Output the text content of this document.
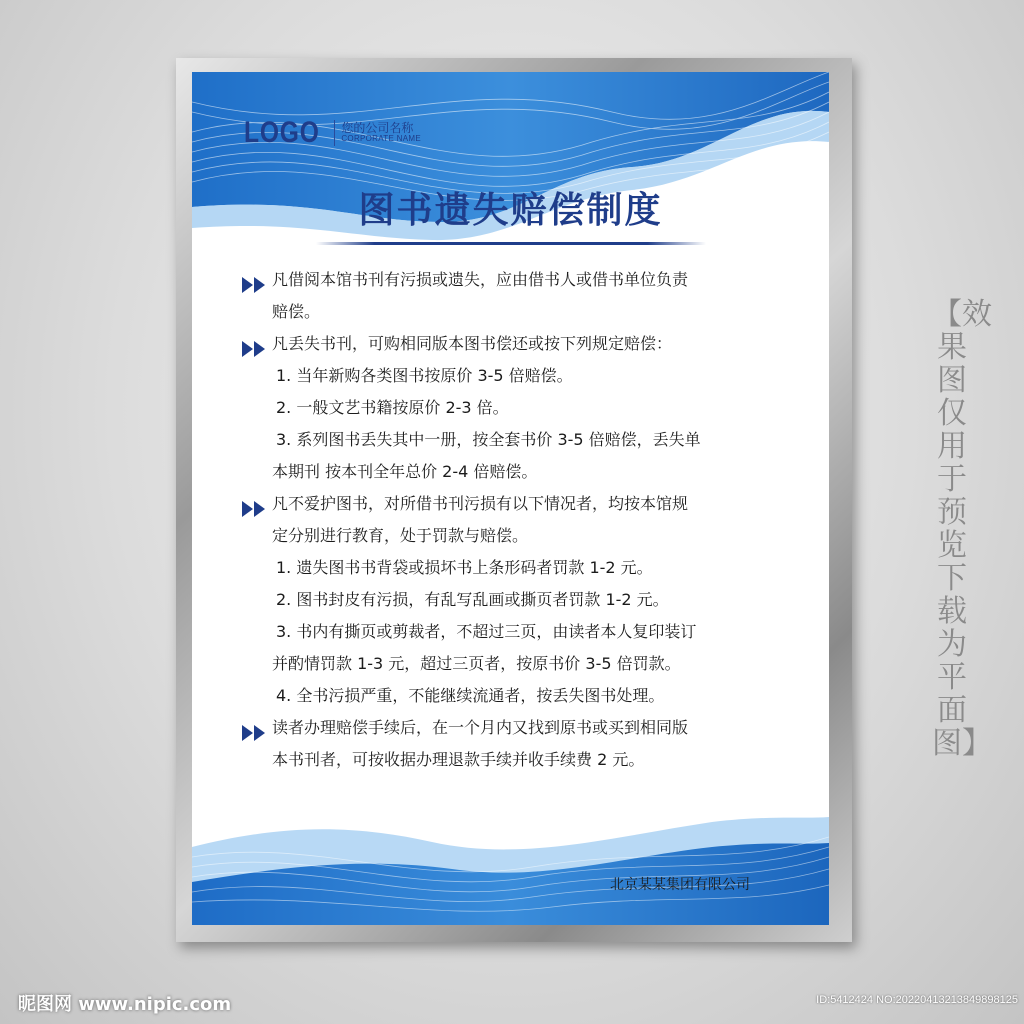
LOGO 您的公司名称
CORPORATE NAME
图书遗失赔偿制度

凡借阅本馆书刊有污损或遗失，应由借书人或借书单位负责

赔偿。

凡丢失书刊，可购相同版本图书偿还或按下列规定赔偿：

1. 当年新购各类图书按原价 3-5 倍赔偿。

2. 一般文艺书籍按原价 2-3 倍。

3. 系列图书丢失其中一册，按全套书价 3-5 倍赔偿，丢失单

本期刊 按本刊全年总价 2-4 倍赔偿。

凡不爱护图书，对所借书刊污损有以下情况者，均按本馆规

定分别进行教育，处于罚款与赔偿。

1. 遗失图书书背袋或损坏书上条形码者罚款 1-2 元。

2. 图书封皮有污损，有乱写乱画或撕页者罚款 1-2 元。

3. 书内有撕页或剪裁者，不超过三页，由读者本人复印装订

并酌情罚款 1-3 元，超过三页者，按原书价 3-5 倍罚款。

4. 全书污损严重，不能继续流通者，按丢失图书处理。

读者办理赔偿手续后，在一个月内又找到原书或买到相同版

本书刊者，可按收据办理退款手续并收手续费 2 元。

北京某某集团有限公司
【效果图仅用于预览 下载为平面图】
昵图网 www.nipic.com	ID:5412424 NO:20220413213849898125
